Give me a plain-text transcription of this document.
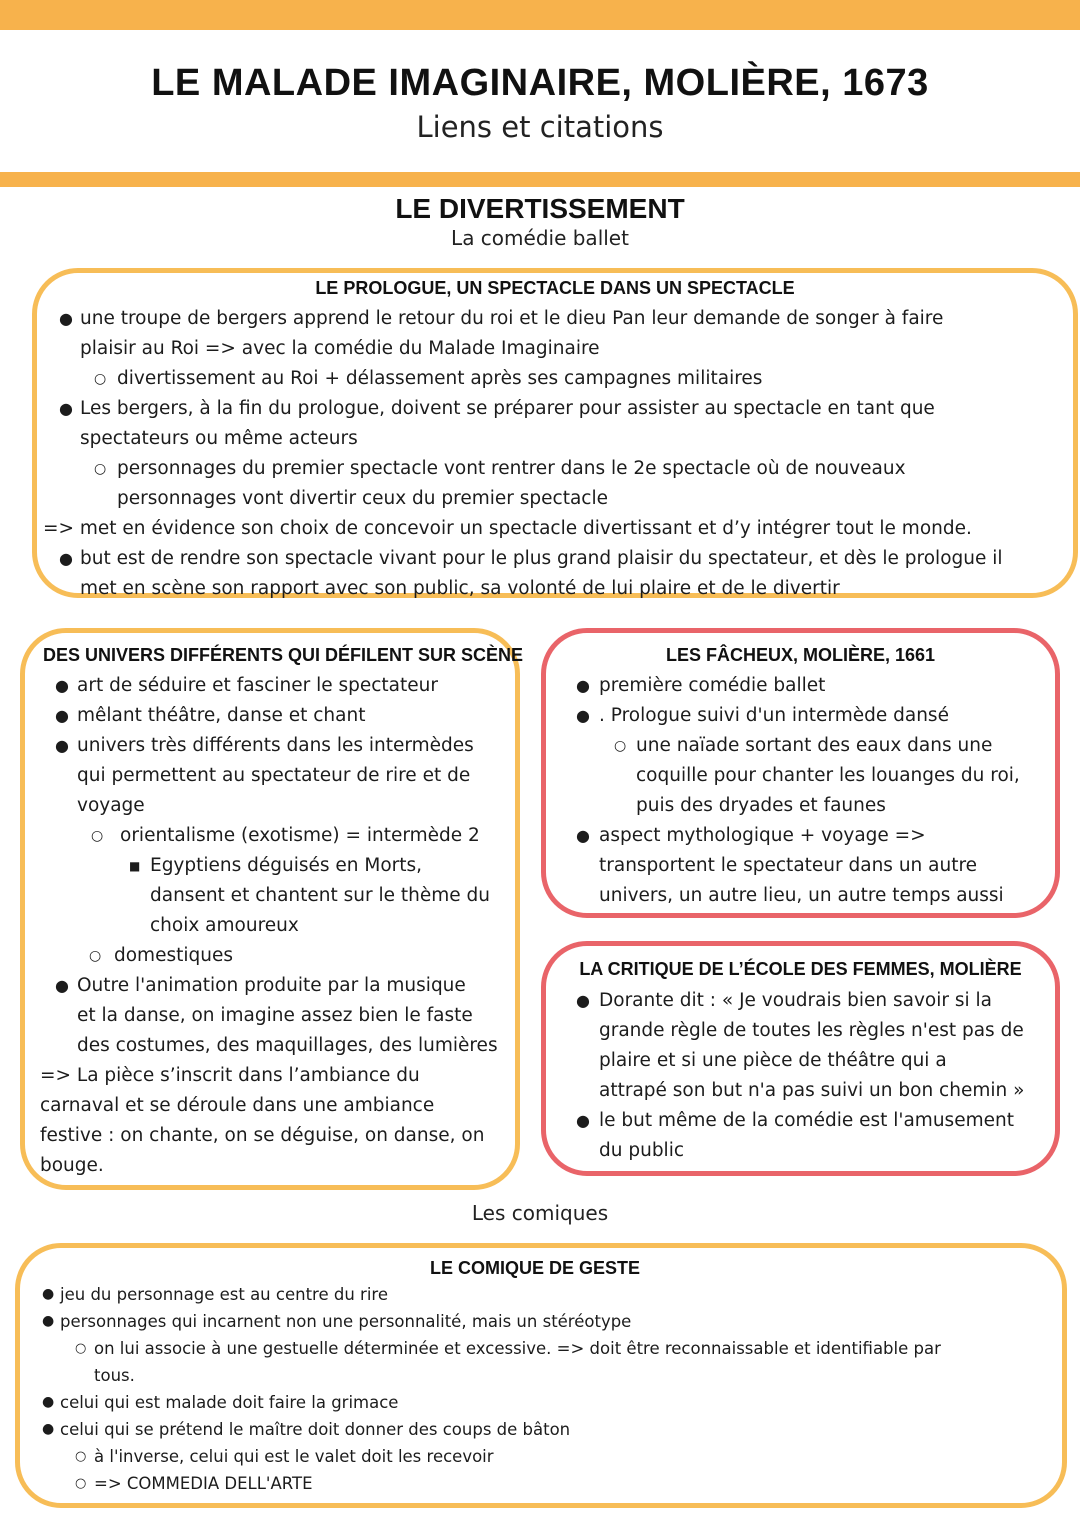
LE MALADE IMAGINAIRE, MOLIÈRE, 1673
Liens et citations
LE DIVERTISSEMENT
La comédie ballet
LE PROLOGUE, UN SPECTACLE DANS UN SPECTACLE
● une troupe de bergers apprend le retour du roi et le dieu Pan leur demande de songer à faire
plaisir au Roi => avec la comédie du Malade Imaginaire
○ divertissement au Roi + délassement après ses campagnes militaires
● Les bergers, à la fin du prologue, doivent se préparer pour assister au spectacle en tant que
spectateurs ou même acteurs
○ personnages du premier spectacle vont rentrer dans le 2e spectacle où de nouveaux
personnages vont divertir ceux du premier spectacle
=> met en évidence son choix de concevoir un spectacle divertissant et d’y intégrer tout le monde.
● but est de rendre son spectacle vivant pour le plus grand plaisir du spectateur, et dès le prologue il
met en scène son rapport avec son public, sa volonté de lui plaire et de le divertir
DES UNIVERS DIFFÉRENTS QUI DÉFILENT SUR SCÈNE
● art de séduire et fasciner le spectateur
● mêlant théâtre, danse et chant
● univers très différents dans les intermèdes
qui permettent au spectateur de rire et de
voyage
○ orientalisme (exotisme) = intermède 2
■ Egyptiens déguisés en Morts,
dansent et chantent sur le thème du
choix amoureux
○ domestiques
● Outre l'animation produite par la musique
et la danse, on imagine assez bien le faste
des costumes, des maquillages, des lumières
=> La pièce s’inscrit dans l’ambiance du
carnaval et se déroule dans une ambiance
festive : on chante, on se déguise, on danse, on
bouge.
LES FÂCHEUX, MOLIÈRE, 1661
● première comédie ballet
● . Prologue suivi d'un intermède dansé
○ une naïade sortant des eaux dans une
coquille pour chanter les louanges du roi,
puis des dryades et faunes
● aspect mythologique + voyage =>
transportent le spectateur dans un autre
univers, un autre lieu, un autre temps aussi
LA CRITIQUE DE L’ÉCOLE DES FEMMES, MOLIÈRE
● Dorante dit : « Je voudrais bien savoir si la
grande règle de toutes les règles n'est pas de
plaire et si une pièce de théâtre qui a
attrapé son but n'a pas suivi un bon chemin »
● le but même de la comédie est l'amusement
du public
Les comiques
LE COMIQUE DE GESTE
● jeu du personnage est au centre du rire
● personnages qui incarnent non une personnalité, mais un stéréotype
○ on lui associe à une gestuelle déterminée et excessive. => doit être reconnaissable et identifiable par
tous.
● celui qui est malade doit faire la grimace
● celui qui se prétend le maître doit donner des coups de bâton
○ à l'inverse, celui qui est le valet doit les recevoir
○ => COMMEDIA DELL'ARTE
